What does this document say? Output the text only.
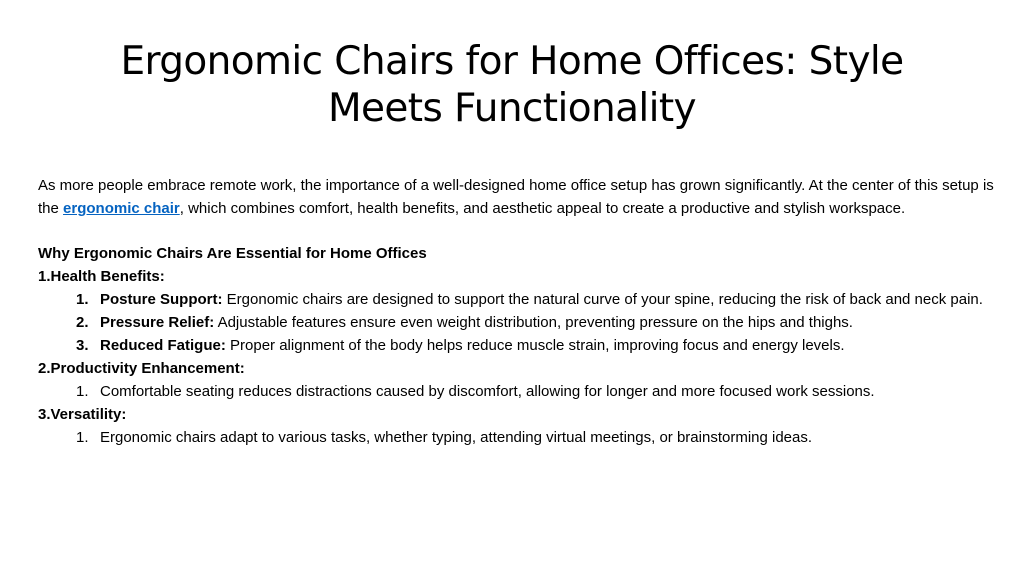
Ergonomic Chairs for Home Offices: Style Meets Functionality

As more people embrace remote work, the importance of a well-designed home office setup has grown significantly. At the center of this setup is the ergonomic chair, which combines comfort, health benefits, and aesthetic appeal to create a productive and stylish workspace.

Why Ergonomic Chairs Are Essential for Home Offices

1.Health Benefits:

1. Posture Support: Ergonomic chairs are designed to support the natural curve of your spine, reducing the risk of back and neck pain.

2. Pressure Relief: Adjustable features ensure even weight distribution, preventing pressure on the hips and thighs.

3. Reduced Fatigue: Proper alignment of the body helps reduce muscle strain, improving focus and energy levels.

2.Productivity Enhancement:

1. Comfortable seating reduces distractions caused by discomfort, allowing for longer and more focused work sessions.

3.Versatility:

1. Ergonomic chairs adapt to various tasks, whether typing, attending virtual meetings, or brainstorming ideas.
